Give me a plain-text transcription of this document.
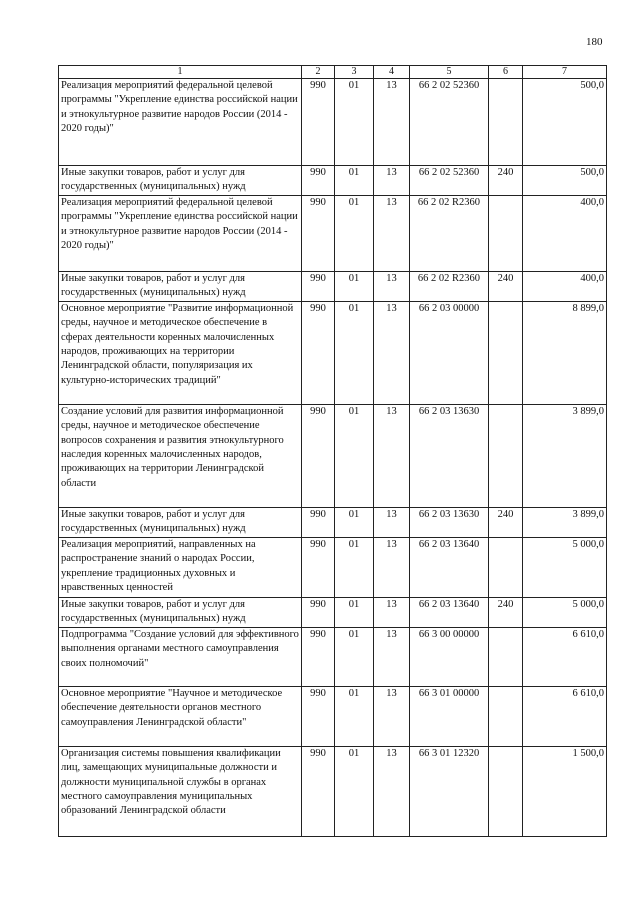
180
1	2	3	4	5	6	7
Реализация мероприятий федеральной целевой программы "Укрепление единства российской нации и этнокультурное развитие народов России (2014 - 2020 годы)"	990	01	13	66 2 02 52360		500,0
Иные закупки товаров, работ и услуг для государственных (муниципальных) нужд	990	01	13	66 2 02 52360	240	500,0
Реализация мероприятий федеральной целевой программы "Укрепление единства российской нации и этнокультурное развитие народов России (2014 - 2020 годы)"	990	01	13	66 2 02 R2360		400,0
Иные закупки товаров, работ и услуг для государственных (муниципальных) нужд	990	01	13	66 2 02 R2360	240	400,0
Основное мероприятие "Развитие информационной среды, научное и методическое обеспечение в сферах деятельности коренных малочисленных народов, проживающих на территории Ленинградской области, популяризация их культурно-исторических традиций"	990	01	13	66 2 03 00000		8 899,0
Создание условий для развития информационной среды, научное и методическое обеспечение вопросов сохранения и развития этнокультурного наследия коренных малочисленных народов, проживающих на территории Ленинградской области	990	01	13	66 2 03 13630		3 899,0
Иные закупки товаров, работ и услуг для государственных (муниципальных) нужд	990	01	13	66 2 03 13630	240	3 899,0
Реализация мероприятий, направленных на распространение знаний о народах России, укрепление традиционных духовных и нравственных ценностей	990	01	13	66 2 03 13640		5 000,0
Иные закупки товаров, работ и услуг для государственных (муниципальных) нужд	990	01	13	66 2 03 13640	240	5 000,0
Подпрограмма "Создание условий для эффективного выполнения органами местного самоуправления своих полномочий"	990	01	13	66 3 00 00000		6 610,0
Основное мероприятие "Научное и методическое обеспечение деятельности органов местного самоуправления Ленинградской области"	990	01	13	66 3 01 00000		6 610,0
Организация системы повышения квалификации лиц, замещающих муниципальные должности и должности муниципальной службы в органах местного самоуправления муниципальных образований Ленинградской области	990	01	13	66 3 01 12320		1 500,0
